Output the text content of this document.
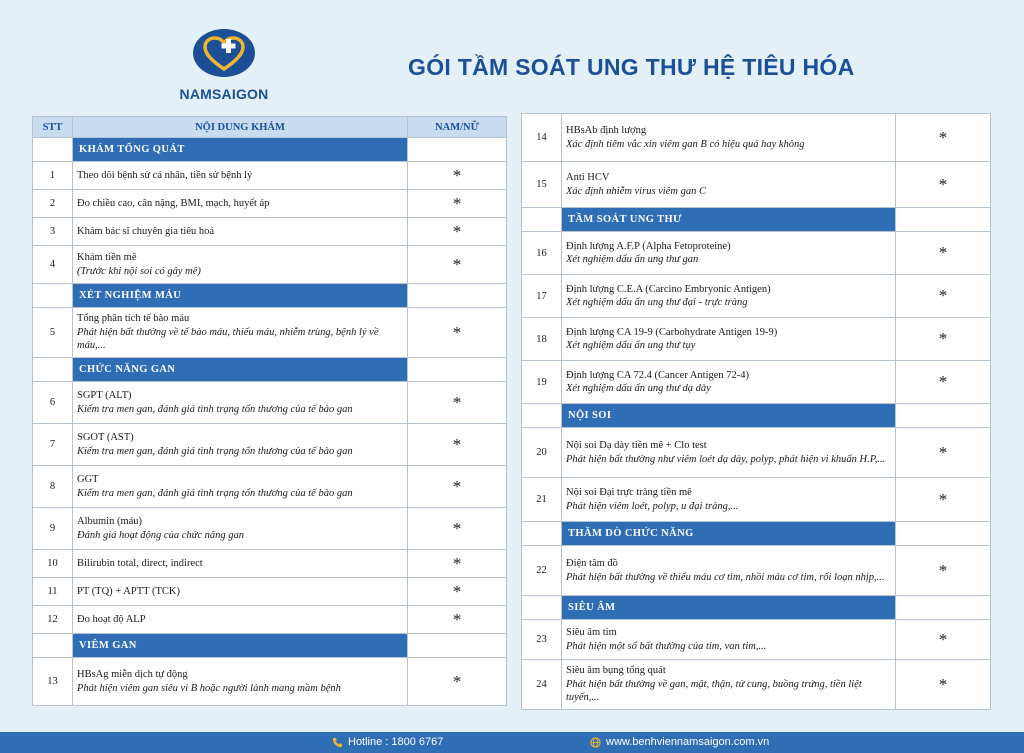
NAMSAIGON
GÓI TẦM SOÁT UNG THƯ HỆ TIÊU HÓA
STT	NỘI DUNG KHÁM	NAM/NỮ
	KHÁM TỔNG QUÁT	
1	Theo dõi bệnh sử cá nhân, tiền sử bệnh lý	*
2	Đo chiều cao, cân nặng, BMI, mạch, huyết áp	*
3	Khám bác sĩ chuyên gia tiêu hoá	*
4	Khám tiền mê
(Trước khi nội soi có gây mê)	*
	XÉT NGHIỆM MÁU	
5	Tổng phân tích tế bào máu
Phát hiện bất thường về tế bào máu, thiếu máu, nhiễm trùng, bệnh lý về máu,...	*
	CHỨC NĂNG GAN	
6	SGPT (ALT)
Kiểm tra men gan, đánh giá tình trạng tổn thương của tế bào gan	*
7	SGOT (AST)
Kiểm tra men gan, đánh giá tình trạng tổn thương của tế bào gan	*
8	GGT
Kiểm tra men gan, đánh giá tình trạng tổn thương của tế bào gan	*
9	Albumin (máu)
Đánh giá hoạt động của chức năng gan	*
10	Bilirubin total, direct, indirect	*
11	PT (TQ) + APTT (TCK)	*
12	Đo hoạt độ ALP	*
	VIÊM GAN	
13	HBsAg miễn dịch tự động
Phát hiện viêm gan siêu vi B hoặc người lành mang mầm bệnh	*
14	HBsAb định lượng
Xác định tiêm vắc xin viêm gan B có hiệu quả hay không	*
15	Anti HCV
Xác định nhiễm virus viêm gan C	*
	TẦM SOÁT UNG THƯ	
16	Định lượng A.F.P (Alpha Fetoproteine)
Xét nghiệm dấu ấn ung thư gan	*
17	Định lượng C.E.A (Carcino Embryonic Antigen)
Xét nghiệm dấu ấn ung thư đại - trực tràng	*
18	Định lượng CA 19-9 (Carbohydrate Antigen 19-9)
Xét nghiệm dấu ấn ung thư tụy	*
19	Định lượng CA 72.4 (Cancer Antigen 72-4)
Xét nghiệm dấu ấn ung thư dạ dày	*
	NỘI SOI	
20	Nội soi Dạ dày tiền mê + Clo test
Phát hiện bất thường như viêm loét dạ dày, polyp, phát hiện vi khuẩn H.P,...	*
21	Nội soi Đại trực tràng tiền mê
Phát hiện viêm loét, polyp, u đại tràng,...	*
	THĂM DÒ CHỨC NĂNG	
22	Điện tâm đồ
Phát hiện bất thường về thiếu máu cơ tim, nhồi máu cơ tim, rối loạn nhịp,...	*
	SIÊU ÂM	
23	Siêu âm tim
Phát hiện một số bất thường của tim, van tim,...	*
24	Siêu âm bụng tổng quát
Phát hiện bất thường về gan, mật, thận, tử cung, buồng trứng, tiền liệt tuyến,...	*
Hotline : 1800 6767	www.benhviennamsaigon.com.vn
